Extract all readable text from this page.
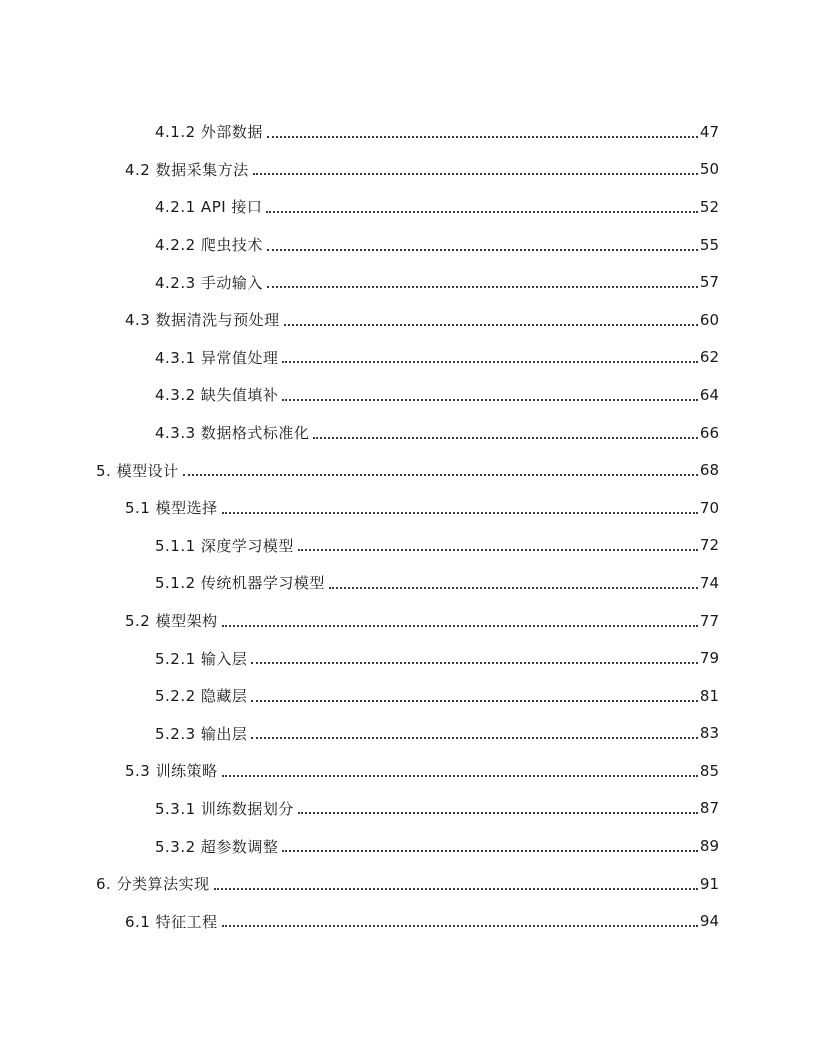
4.1.2 外部数据	47
4.2 数据采集方法	50
4.2.1 API 接口	52
4.2.2 爬虫技术	55
4.2.3 手动输入	57
4.3 数据清洗与预处理	60
4.3.1 异常值处理	62
4.3.2 缺失值填补	64
4.3.3 数据格式标准化	66
5. 模型设计	68
5.1 模型选择	70
5.1.1 深度学习模型	72
5.1.2 传统机器学习模型	74
5.2 模型架构	77
5.2.1 输入层	79
5.2.2 隐藏层	81
5.2.3 输出层	83
5.3 训练策略	85
5.3.1 训练数据划分	87
5.3.2 超参数调整	89
6. 分类算法实现	91
6.1 特征工程	94
